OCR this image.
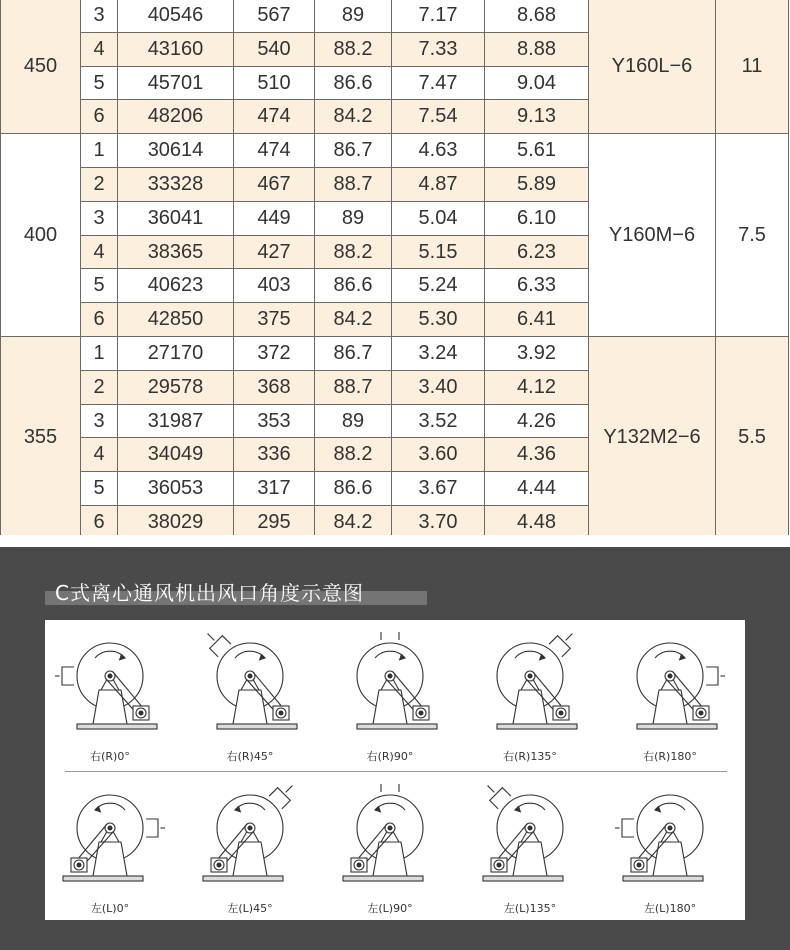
450	3	40546	567	89	7.17	8.68	Y160L−6	11
	4	43160	540	88.2	7.33	8.88		
	5	45701	510	86.6	7.47	9.04		
	6	48206	474	84.2	7.54	9.13		
400	1	30614	474	86.7	4.63	5.61	Y160M−6	7.5
	2	33328	467	88.7	4.87	5.89		
	3	36041	449	89	5.04	6.10		
	4	38365	427	88.2	5.15	6.23		
	5	40623	403	86.6	5.24	6.33		
	6	42850	375	84.2	5.30	6.41		
355	1	27170	372	86.7	3.24	3.92	Y132M2−6	5.5
	2	29578	368	88.7	3.40	4.12		
	3	31987	353	89	3.52	4.26		
	4	34049	336	88.2	3.60	4.36		
	5	36053	317	86.6	3.67	4.44		
	6	38029	295	84.2	3.70	4.48		
C式离心通风机出风口角度示意图
右(R)0°	右(R)45°	右(R)90°	右(R)135°	右(R)180°
左(L)0°	左(L)45°	左(L)90°	左(L)135°	左(L)180°
